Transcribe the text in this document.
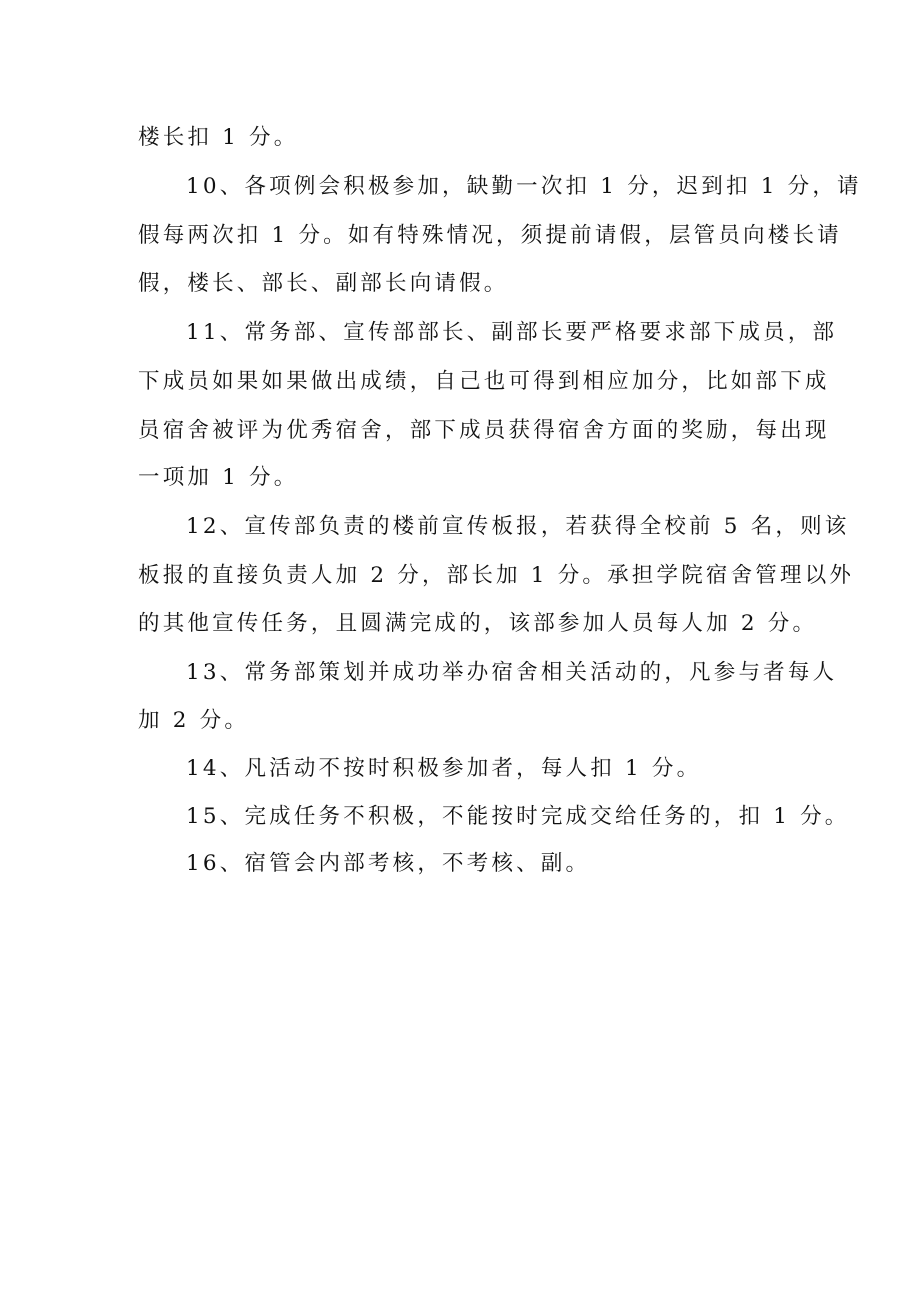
楼长扣 1 分。
10、各项例会积极参加，缺勤一次扣 1 分，迟到扣 1 分，请
假每两次扣 1 分。如有特殊情况，须提前请假，层管员向楼长请
假，楼长、部长、副部长向请假。
11、常务部、宣传部部长、副部长要严格要求部下成员，部
下成员如果如果做出成绩，自己也可得到相应加分，比如部下成
员宿舍被评为优秀宿舍，部下成员获得宿舍方面的奖励，每出现
一项加 1 分。
12、宣传部负责的楼前宣传板报，若获得全校前 5 名，则该
板报的直接负责人加 2 分，部长加 1 分。承担学院宿舍管理以外
的其他宣传任务，且圆满完成的，该部参加人员每人加 2 分。
13、常务部策划并成功举办宿舍相关活动的，凡参与者每人
加 2 分。
14、凡活动不按时积极参加者，每人扣 1 分。
15、完成任务不积极，不能按时完成交给任务的，扣 1 分。
16、宿管会内部考核，不考核、副。
